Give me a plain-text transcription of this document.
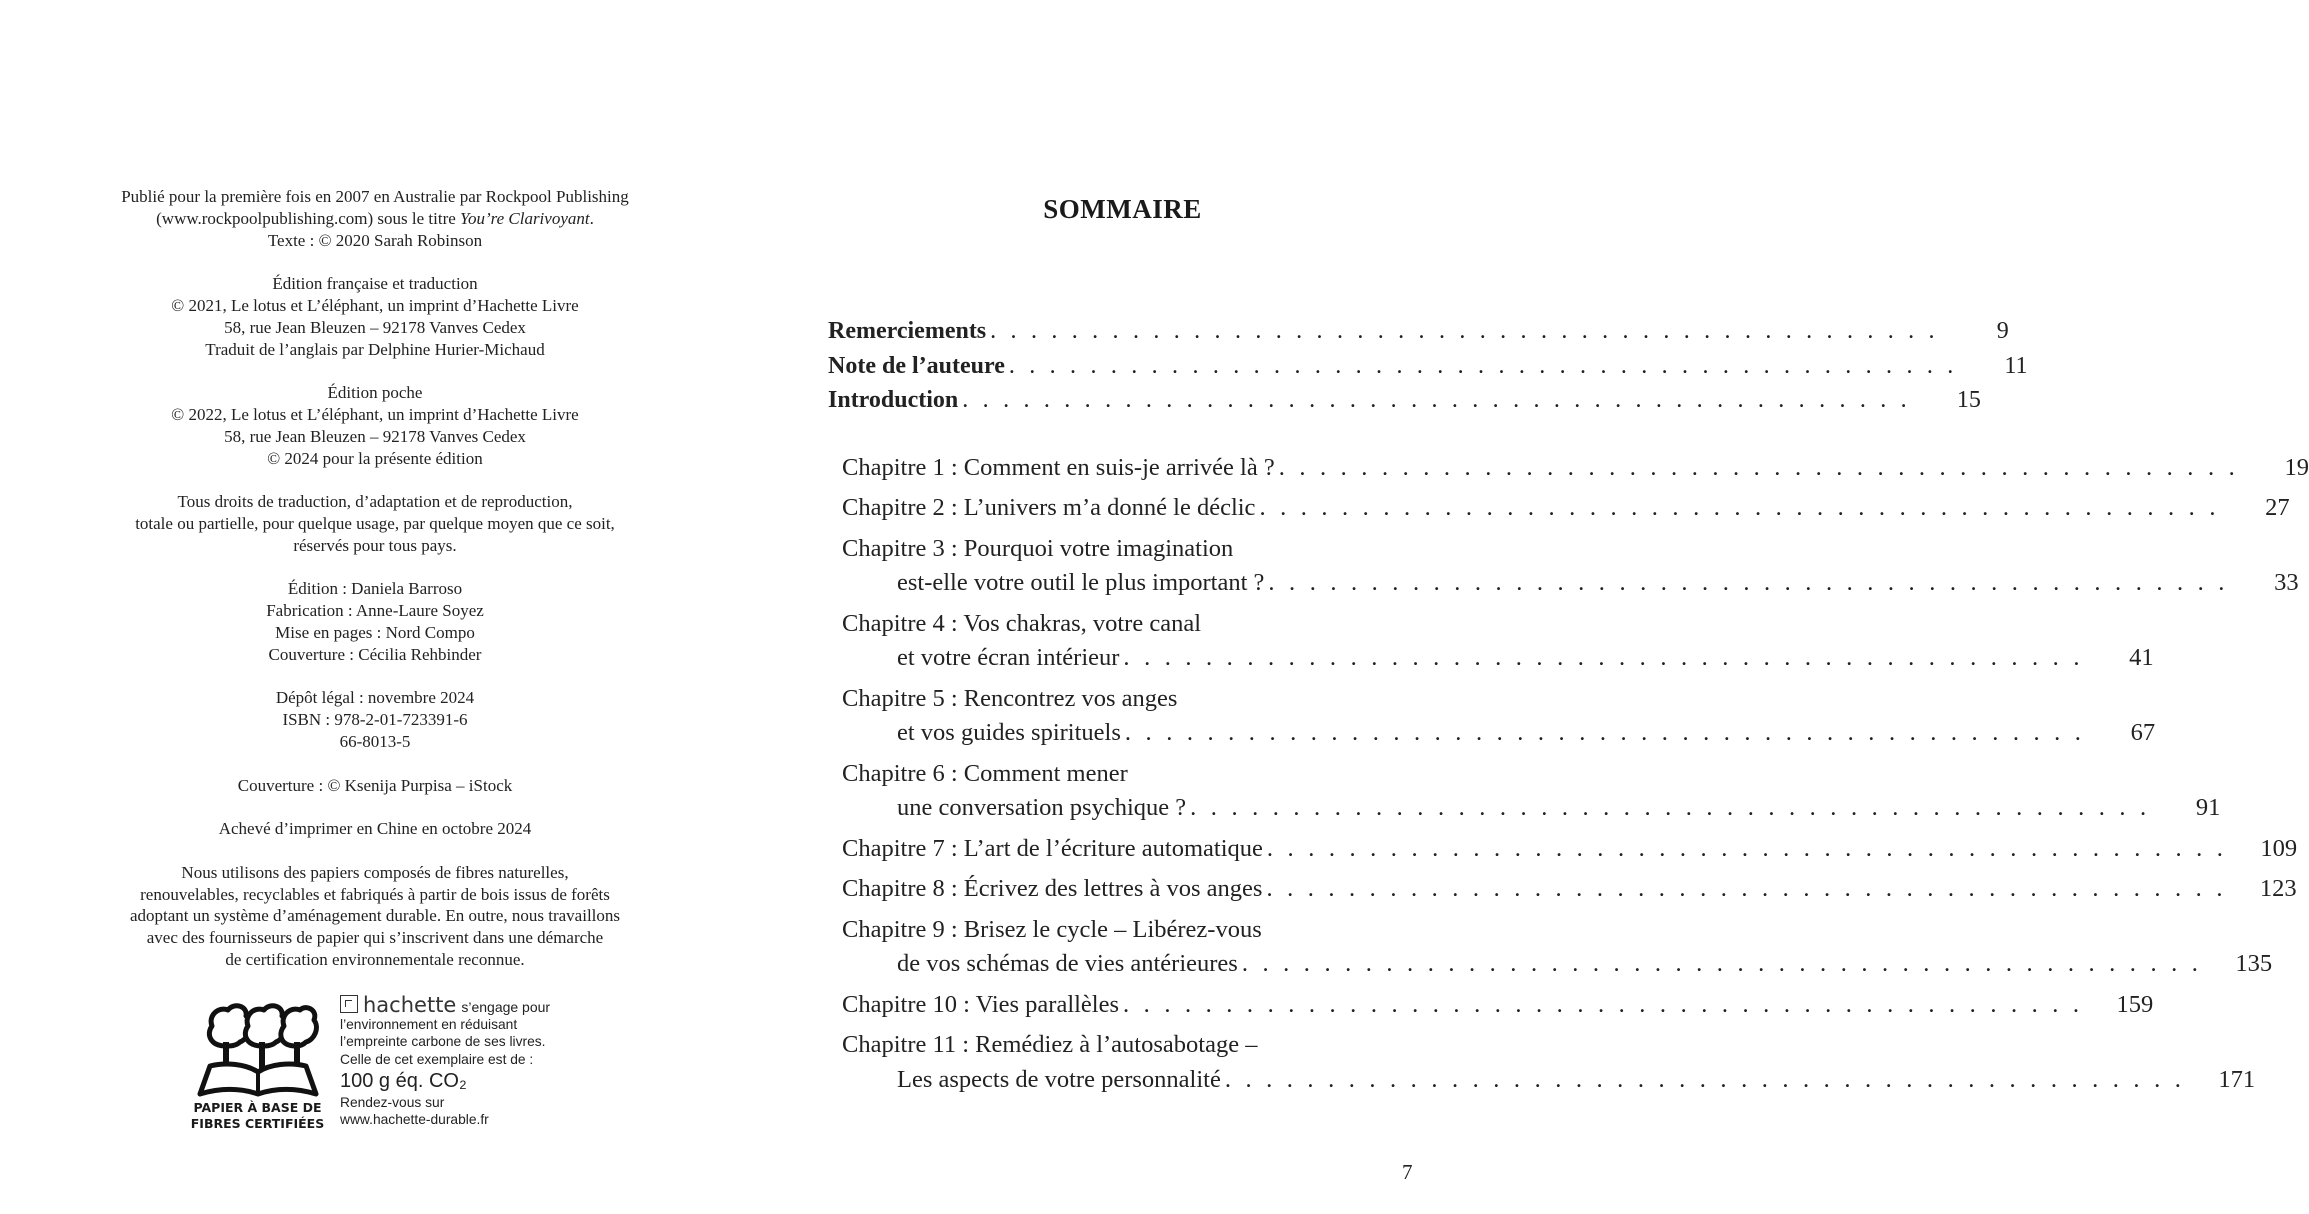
Publié pour la première fois en 2007 en Australie par Rockpool Publishing
(www.rockpoolpublishing.com) sous le titre You’re Clarivoyant.
Texte : © 2020 Sarah Robinson
Édition française et traduction
© 2021, Le lotus et L’éléphant, un imprint d’Hachette Livre
58, rue Jean Bleuzen – 92178 Vanves Cedex
Traduit de l’anglais par Delphine Hurier-Michaud
Édition poche
© 2022, Le lotus et L’éléphant, un imprint d’Hachette Livre
58, rue Jean Bleuzen – 92178 Vanves Cedex
© 2024 pour la présente édition
Tous droits de traduction, d’adaptation et de reproduction,
totale ou partielle, pour quelque usage, par quelque moyen que ce soit,
réservés pour tous pays.
Édition : Daniela Barroso
Fabrication : Anne-Laure Soyez
Mise en pages : Nord Compo
Couverture : Cécilia Rehbinder
Dépôt légal : novembre 2024
ISBN : 978-2-01-723391-6
66-8013-5
Couverture : © Ksenija Purpisa – iStock
Achevé d’imprimer en Chine en octobre 2024
Nous utilisons des papiers composés de fibres naturelles,
renouvelables, recyclables et fabriqués à partir de bois issus de forêts
adoptant un système d’aménagement durable. En outre, nous travaillons
avec des fournisseurs de papier qui s’inscrivent dans une démarche
de certification environnementale reconnue.
PAPIER À BASE DE
FIBRES CERTIFIÉES
hachette s’engage pour
l’environnement en réduisant
l’empreinte carbone de ses livres.
Celle de cet exemplaire est de :
100 g éq. CO₂
Rendez-vous sur
www.hachette-durable.fr
SOMMAIRE
Remerciements . . . . . . . . . . . . . . . . . . . . . . . . . . . . . . . . . . . . . . . . . . . . . . .	9
Note de l’auteure . . . . . . . . . . . . . . . . . . . . . . . . . . . . . . . . . . . . . . . . . . . . . . .	11
Introduction . . . . . . . . . . . . . . . . . . . . . . . . . . . . . . . . . . . . . . . . . . . . . . .	15
Chapitre 1 : Comment en suis-je arrivée là ? . . . . . . . . . . . . . . . . . . . . . . . . . . . . . . . . . . . . . . . . . . . . . . .	19
Chapitre 2 : L’univers m’a donné le déclic . . . . . . . . . . . . . . . . . . . . . . . . . . . . . . . . . . . . . . . . . . . . . . .	27
Chapitre 3 : Pourquoi votre imagination
est-elle votre outil le plus important ? . . . . . . . . . . . . . . . . . . . . . . . . . . . . . . . . . . . . . . . . . . . . . . .	33
Chapitre 4 : Vos chakras, votre canal
et votre écran intérieur . . . . . . . . . . . . . . . . . . . . . . . . . . . . . . . . . . . . . . . . . . . . . . .	41
Chapitre 5 : Rencontrez vos anges
et vos guides spirituels . . . . . . . . . . . . . . . . . . . . . . . . . . . . . . . . . . . . . . . . . . . . . . .	67
Chapitre 6 : Comment mener
une conversation psychique ? . . . . . . . . . . . . . . . . . . . . . . . . . . . . . . . . . . . . . . . . . . . . . . .	91
Chapitre 7 : L’art de l’écriture automatique . . . . . . . . . . . . . . . . . . . . . . . . . . . . . . . . . . . . . . . . . . . . . . .	109
Chapitre 8 : Écrivez des lettres à vos anges . . . . . . . . . . . . . . . . . . . . . . . . . . . . . . . . . . . . . . . . . . . . . . .	123
Chapitre 9 : Brisez le cycle – Libérez-vous
de vos schémas de vies antérieures . . . . . . . . . . . . . . . . . . . . . . . . . . . . . . . . . . . . . . . . . . . . . . .	135
Chapitre 10 : Vies parallèles . . . . . . . . . . . . . . . . . . . . . . . . . . . . . . . . . . . . . . . . . . . . . . .	159
Chapitre 11 : Remédiez à l’autosabotage –
Les aspects de votre personnalité . . . . . . . . . . . . . . . . . . . . . . . . . . . . . . . . . . . . . . . . . . . . . . .	171
7
